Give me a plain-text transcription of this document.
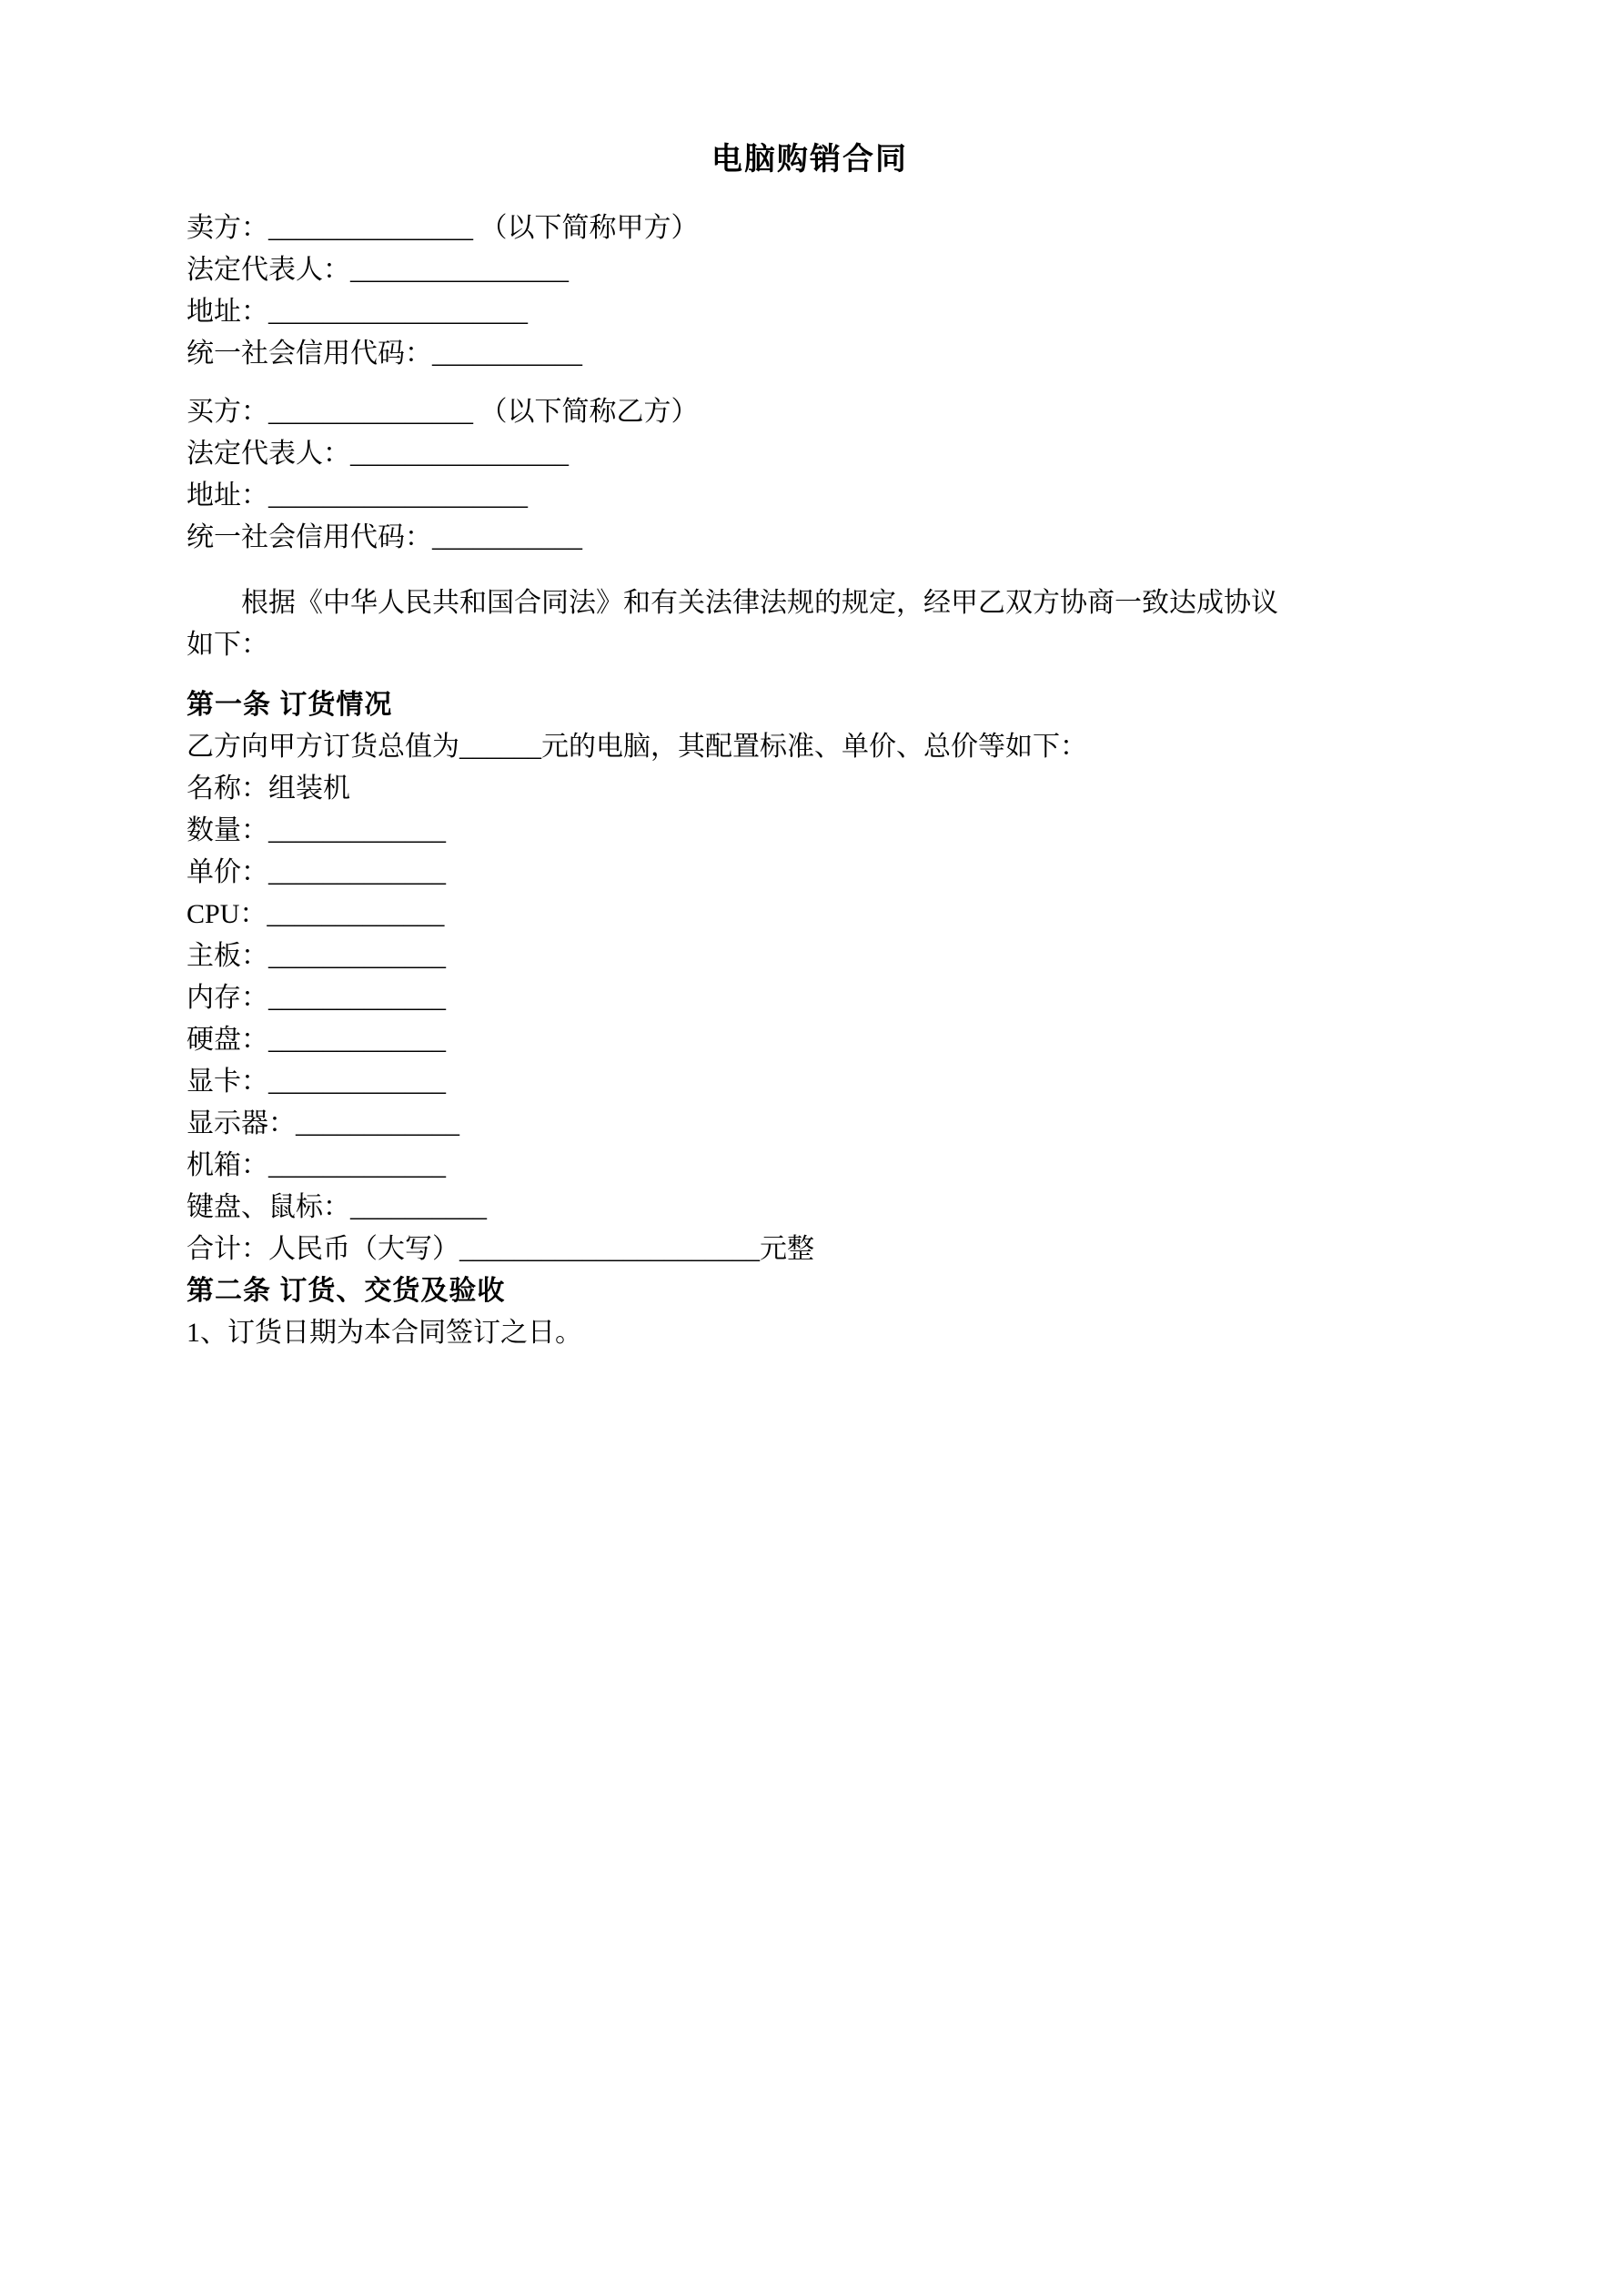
电脑购销合同

卖方：_______________ （以下简称甲方）

法定代表人：________________

地址：___________________

统一社会信用代码：___________

买方：_______________ （以下简称乙方）

法定代表人：________________

地址：___________________

统一社会信用代码：___________

根据《中华人民共和国合同法》和有关法律法规的规定，经甲乙双方协商一致达成协议

如下：

第一条 订货情况

乙方向甲方订货总值为______元的电脑，其配置标准、单价、总价等如下：

名称：组装机

数量：_____________

单价：_____________

CPU：_____________

主板：_____________

内存：_____________

硬盘：_____________

显卡：_____________

显示器：____________

机箱：_____________

键盘、鼠标：__________

合计：人民币（大写）______________________元整

第二条 订货、交货及验收

1、订货日期为本合同签订之日。
